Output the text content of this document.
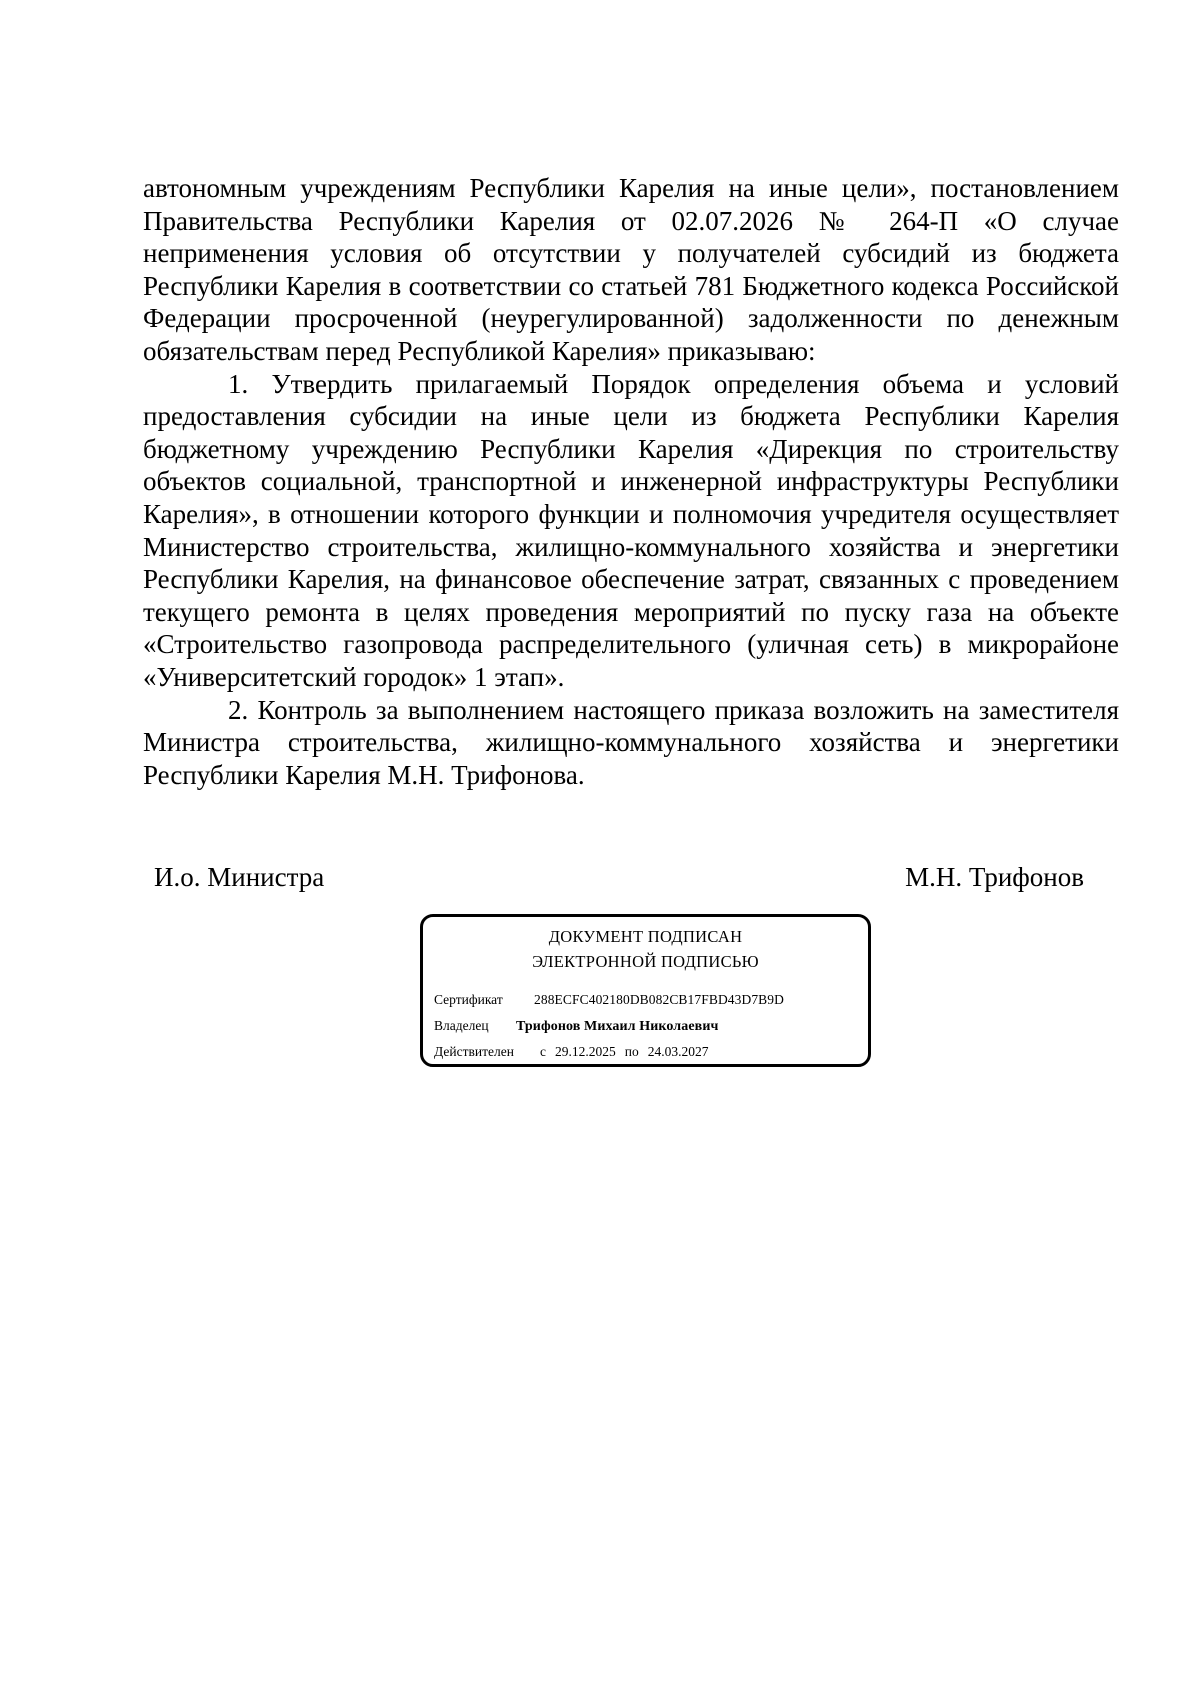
автономным учреждениям Республики Карелия на иные цели», постановлением Правительства Республики Карелия от 02.07.2026 № 264-П «О случае неприменения условия об отсутствии у получателей субсидий из бюджета Республики Карелия в соответствии со статьей 781 Бюджетного кодекса Российской Федерации просроченной (неурегулированной) задолженности по денежным обязательствам перед Республикой Карелия» приказываю:

1. Утвердить прилагаемый Порядок определения объема и условий предоставления субсидии на иные цели из бюджета Республики Карелия бюджетному учреждению Республики Карелия «Дирекция по строительству объектов социальной, транспортной и инженерной инфраструктуры Республики Карелия», в отношении которого функции и полномочия учредителя осуществляет Министерство строительства, жилищно-коммунального хозяйства и энергетики Республики Карелия, на финансовое обеспечение затрат, связанных с проведением текущего ремонта в целях проведения мероприятий по пуску газа на объекте «Строительство газопровода распределительного (уличная сеть) в микрорайоне «Университетский городок» 1 этап».

2. Контроль за выполнением настоящего приказа возложить на заместителя Министра строительства, жилищно-коммунального хозяйства и энергетики Республики Карелия М.Н. Трифонова.

И.о. Министра	М.Н. Трифонов
ДОКУМЕНТ ПОДПИСАН
ЭЛЕКТРОННОЙ ПОДПИСЬЮ
Сертификат 288ECFC402180DB082CB17FBD43D7B9D
Владелец Трифонов Михаил Николаевич
Действителен с 29.12.2025 по 24.03.2027
